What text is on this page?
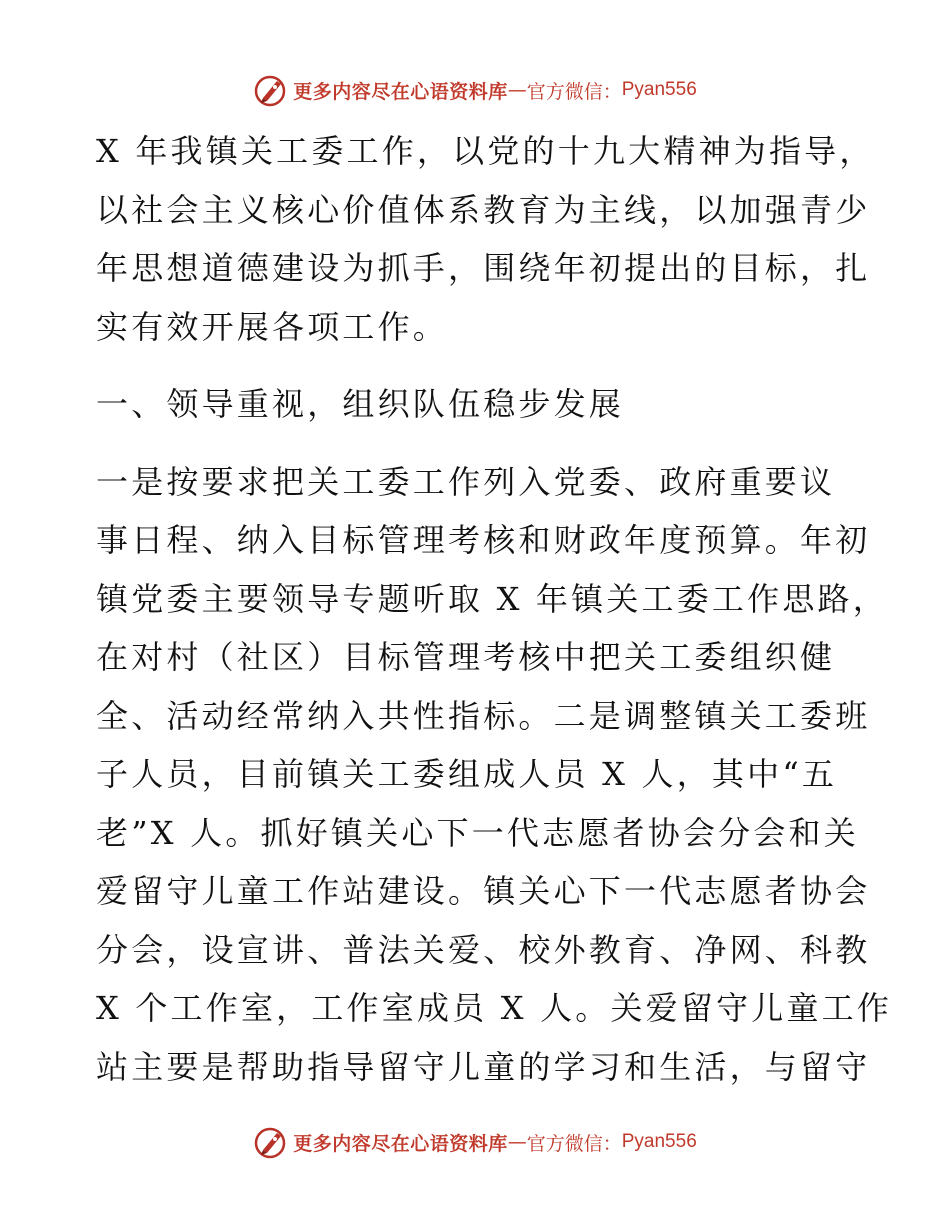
更多内容尽在心语资料库 — 官方微信： Pyan556

X 年我镇关工委工作，以党的十九大精神为指导，
以社会主义核心价值体系教育为主线，以加强青少
年思想道德建设为抓手，围绕年初提出的目标，扎
实有效开展各项工作。

一、领导重视，组织队伍稳步发展

一是按要求把关工委工作列入党委、政府重要议
事日程、纳入目标管理考核和财政年度预算。年初
镇党委主要领导专题听取 X 年镇关工委工作思路，
在对村（社区）目标管理考核中把关工委组织健
全、活动经常纳入共性指标。二是调整镇关工委班
子人员，目前镇关工委组成人员 X 人，其中“五
老”X 人。抓好镇关心下一代志愿者协会分会和关
爱留守儿童工作站建设。镇关心下一代志愿者协会
分会，设宣讲、普法关爱、校外教育、净网、科教
X 个工作室，工作室成员 X 人。关爱留守儿童工作
站主要是帮助指导留守儿童的学习和生活，与留守

更多内容尽在心语资料库 — 官方微信： Pyan556
